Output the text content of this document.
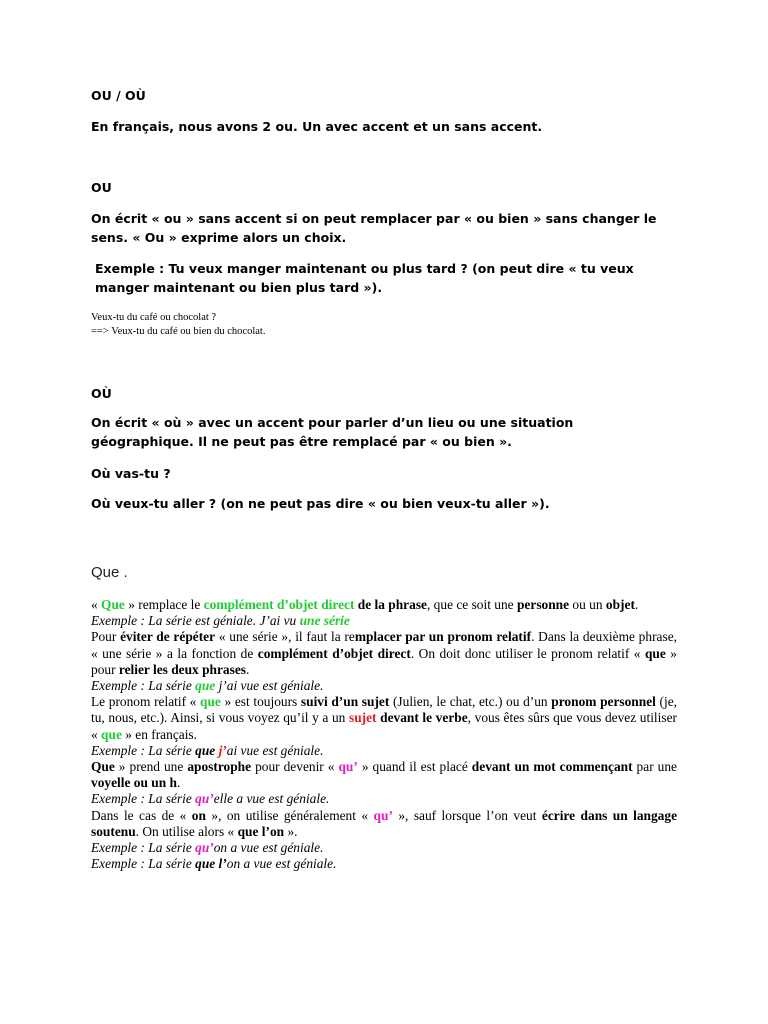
OU / OÙ
En français, nous avons 2 ou. Un avec accent et un sans accent.
OU
On écrit « ou » sans accent si on peut remplacer par « ou bien » sans changer le sens. « Ou » exprime alors un choix.
Exemple : Tu veux manger maintenant ou plus tard ? (on peut dire « tu veux manger maintenant ou bien plus tard »).
Veux-tu du café ou chocolat ?
==> Veux-tu du café ou bien du chocolat.
OÙ
On écrit « où » avec un accent pour parler d’un lieu ou une situation géographique. Il ne peut pas être remplacé par « ou bien ».
Où vas-tu ?
Où veux-tu aller ? (on ne peut pas dire « ou bien veux-tu aller »).
Que .

« Que » remplace le complément d’objet direct de la phrase, que ce soit une personne ou un objet.

Exemple : La série est géniale. J’ai vu une série

Pour éviter de répéter « une série », il faut la remplacer par un pronom relatif. Dans la deuxième phrase, « une série » a la fonction de complément d’objet direct. On doit donc utiliser le pronom relatif « que » pour relier les deux phrases.

Exemple : La série que j’ai vue est géniale.

Le pronom relatif « que » est toujours suivi d’un sujet (Julien, le chat, etc.) ou d’un pronom personnel (je, tu, nous, etc.). Ainsi, si vous voyez qu’il y a un sujet devant le verbe, vous êtes sûrs que vous devez utiliser « que » en français.

Exemple : La série que j’ai vue est géniale.

Que » prend une apostrophe pour devenir « qu’ » quand il est placé devant un mot commençant par une voyelle ou un h.

Exemple : La série qu’elle a vue est géniale.

Dans le cas de « on », on utilise généralement « qu’ », sauf lorsque l’on veut écrire dans un langage soutenu. On utilise alors « que l’on ».

Exemple : La série qu’on a vue est géniale.

Exemple : La série que l’on a vue est géniale.
